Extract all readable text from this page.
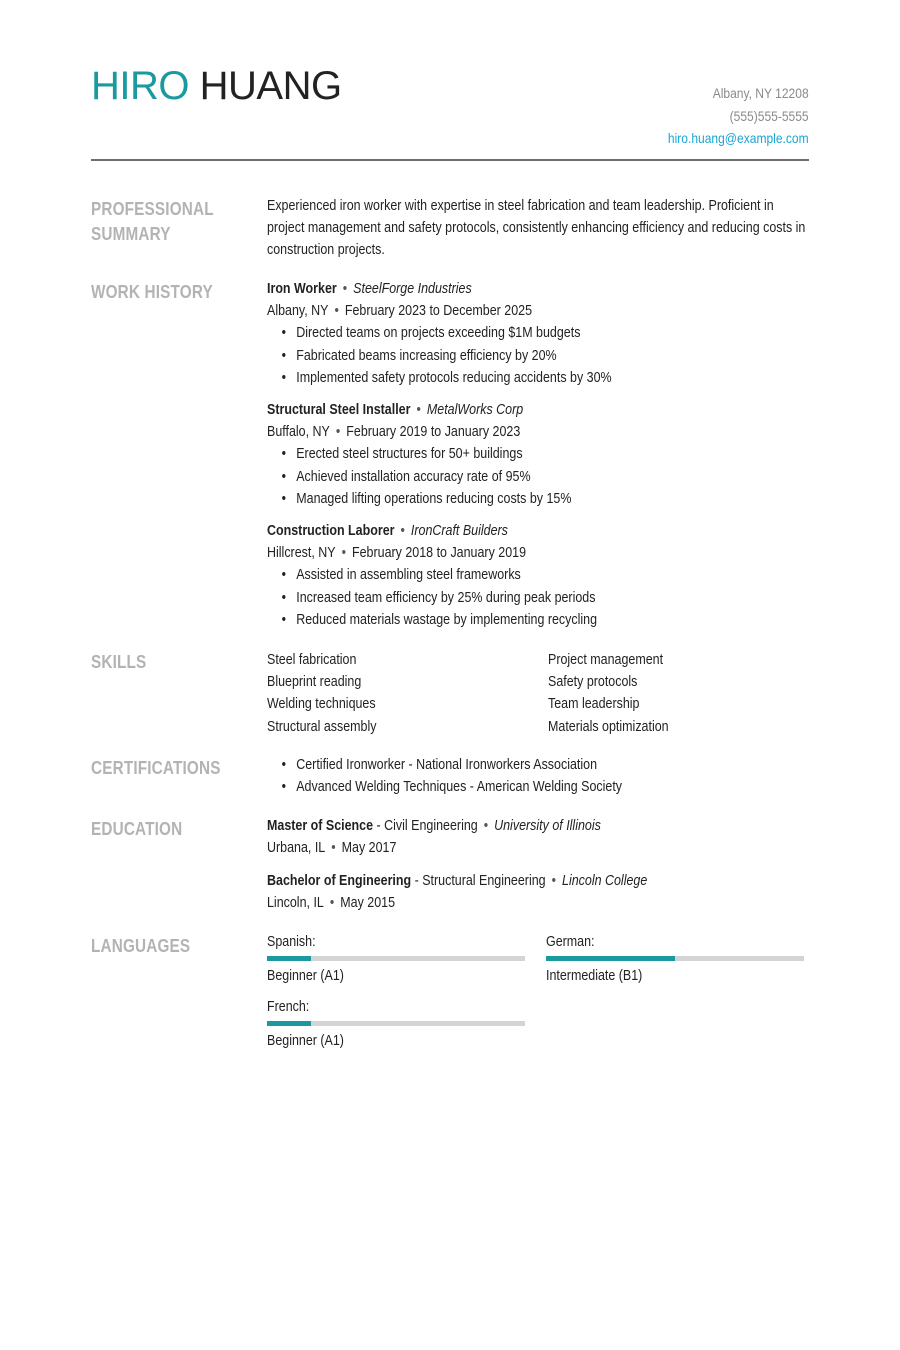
HIRO HUANG	Albany, NY 12208
(555)555-5555
hiro.huang@example.com
PROFESSIONAL
SUMMARY
Experienced iron worker with expertise in steel fabrication and team leadership. Proficient in project management and safety protocols, consistently enhancing efficiency and reducing costs in construction projects.
WORK HISTORY	Iron Worker • SteelForge Industries
Albany, NY • February 2023 to December 2025
• Directed teams on projects exceeding $1M budgets
• Fabricated beams increasing efficiency by 20%
• Implemented safety protocols reducing accidents by 30%
Structural Steel Installer • MetalWorks Corp
Buffalo, NY • February 2019 to January 2023
• Erected steel structures for 50+ buildings
• Achieved installation accuracy rate of 95%
• Managed lifting operations reducing costs by 15%
Construction Laborer • IronCraft Builders
Hillcrest, NY • February 2018 to January 2019
• Assisted in assembling steel frameworks
• Increased team efficiency by 25% during peak periods
• Reduced materials wastage by implementing recycling
SKILLS	Steel fabrication
Blueprint reading
Welding techniques
Structural assembly
Project management
Safety protocols
Team leadership
Materials optimization
CERTIFICATIONS
•	Certified Ironworker - National Ironworkers Association
• Advanced Welding Techniques - American Welding Society
EDUCATION	Master of Science - Civil Engineering • University of Illinois
Urbana, IL • May 2017
Bachelor of Engineering - Structural Engineering • Lincoln College
Lincoln, IL • May 2015
LANGUAGES	Spanish:
Beginner (A1)
German:
Intermediate (B1)
French:
Beginner (A1)
